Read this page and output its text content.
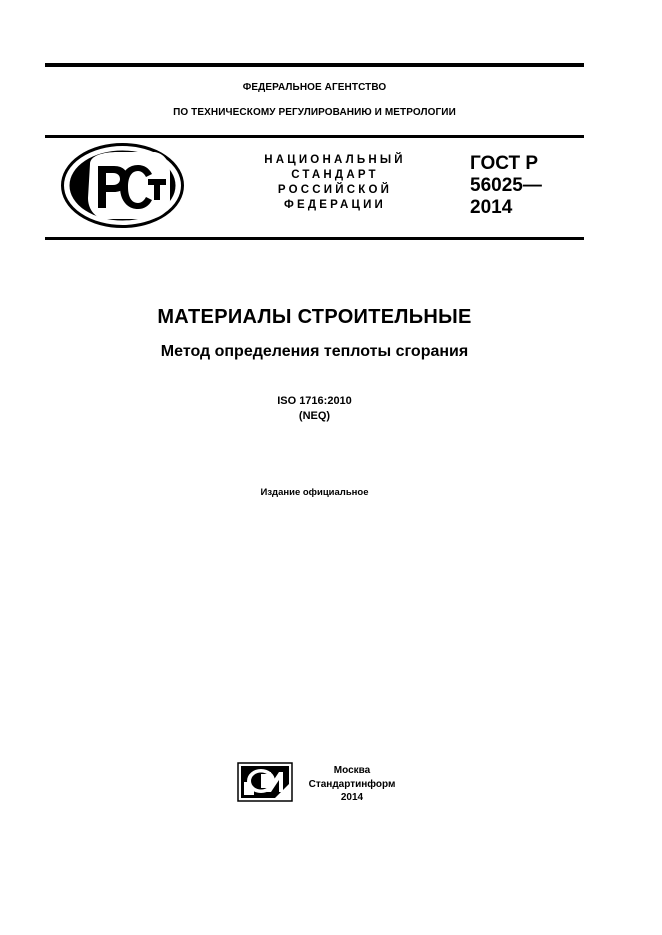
ФЕДЕРАЛЬНОЕ АГЕНТСТВО
ПО ТЕХНИЧЕСКОМУ РЕГУЛИРОВАНИЮ И МЕТРОЛОГИИ
НАЦИОНАЛЬНЫЙ
СТАНДАРТ
РОССИЙСКОЙ
ФЕДЕРАЦИИ
ГОСТ Р
56025—
2014
МАТЕРИАЛЫ СТРОИТЕЛЬНЫЕ
Метод определения теплоты сгорания
ISO 1716:2010
(NEQ)
Издание официальное
Москва
Стандартинформ
2014
